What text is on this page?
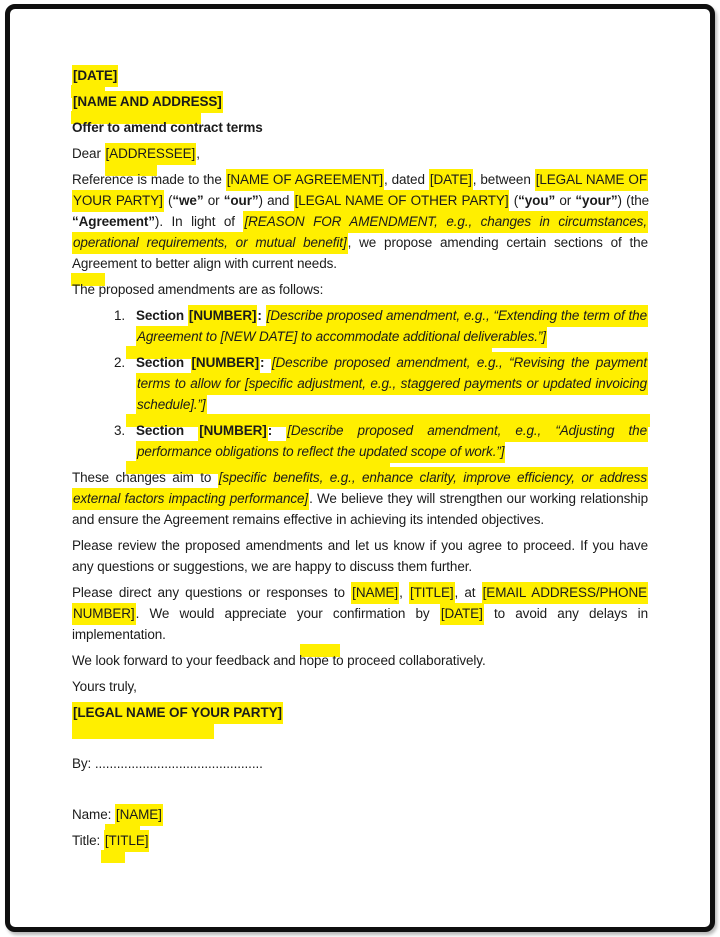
[DATE]

[NAME AND ADDRESS]

Offer to amend contract terms

Dear [ADDRESSEE],

Reference is made to the [NAME OF AGREEMENT], dated [DATE], between [LEGAL NAME OF YOUR PARTY] (“we” or “our”) and [LEGAL NAME OF OTHER PARTY] (“you” or “your”) (the “Agreement”). In light of [REASON FOR AMENDMENT, e.g., changes in circumstances, operational requirements, or mutual benefit], we propose amending certain sections of the Agreement to better align with current needs.

The proposed amendments are as follows:

1. Section [NUMBER]: [Describe proposed amendment, e.g., “Extending the term of the Agreement to [NEW DATE] to accommodate additional deliverables.”]
2. Section [NUMBER]: [Describe proposed amendment, e.g., “Revising the payment terms to allow for [specific adjustment, e.g., staggered payments or updated invoicing schedule].”]
3. Section [NUMBER]: [Describe proposed amendment, e.g., “Adjusting the performance obligations to reflect the updated scope of work.”]

These changes aim to [specific benefits, e.g., enhance clarity, improve efficiency, or address external factors impacting performance]. We believe they will strengthen our working relationship and ensure the Agreement remains effective in achieving its intended objectives.

Please review the proposed amendments and let us know if you agree to proceed. If you have any questions or suggestions, we are happy to discuss them further.

Please direct any questions or responses to [NAME], [TITLE], at [EMAIL ADDRESS/PHONE NUMBER]. We would appreciate your confirmation by [DATE] to avoid any delays in implementation.

We look forward to your feedback and hope to proceed collaboratively.

Yours truly,

[LEGAL NAME OF YOUR PARTY]

By: ..............................................

Name: [NAME]

Title: [TITLE]
